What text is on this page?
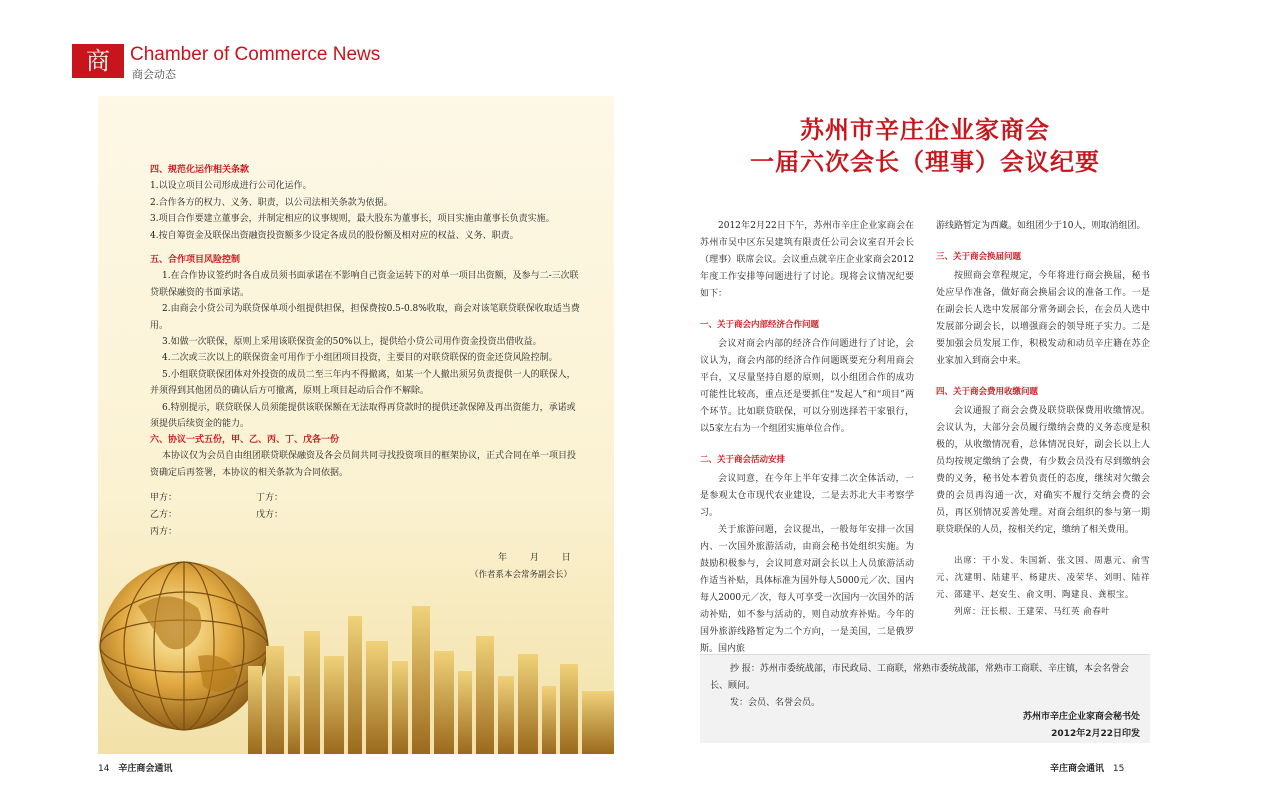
商	Chamber of Commerce News
商会动态
四、规范化运作相关条款

1.以设立项目公司形成进行公司化运作。

2.合作各方的权力、义务、职责，以公司法相关条款为依据。

3.项目合作要建立董事会，并制定相应的议事规则，最大股东为董事长，项目实施由董事长负责实施。

4.按自筹资金及联保出资融资投资额多少设定各成员的股份额及相对应的权益、义务、职责。

五、合作项目风险控制

1.在合作协议签约时各自成员须书面承诺在不影响自己资金运转下的对单一项目出资额，及参与二-三次联贷联保融资的书面承诺。

2.由商会小贷公司为联贷保单项小组提供担保，担保费按0.5-0.8%收取，商会对该笔联贷联保收取适当费用。

3.如做一次联保，原则上采用该联保资金的50%以上，提供给小贷公司用作资金投资出借收益。

4.二次或三次以上的联保资金可用作于小组团项目投资，主要目的对联贷联保的资金还贷风险控制。

5.小组联贷联保团体对外投资的成员二至三年内不得撤离，如某一个人撤出须另负责提供一人的联保人，并须得到其他团员的确认后方可撤离，原则上项目起动后合作不解除。

6.特别提示，联贷联保人员须能提供该联保额在无法取得再贷款时的提供还款保障及再出资能力，承诺或须提供后续资金的能力。

六、协议一式五份，甲、乙、丙、丁、戊各一份

本协议仅为会员自由组团联贷联保融资及各会员间共同寻找投资项目的框架协议，正式合同在单一项目投资确定后再签署，本协议的相关条款为合同依据。

甲方：	丁方：
乙方：	戊方：
丙方：
年 月 日
（作者系本会常务副会长）
苏州市辛庄企业家商会
一届六次会长（理事）会议纪要

2012年2月22日下午，苏州市辛庄企业家商会在苏州市吴中区东吴建筑有限责任公司会议室召开会长（理事）联席会议。会议重点就辛庄企业家商会2012年度工作安排等问题进行了讨论。现将会议情况纪要如下：

一、关于商会内部经济合作问题

会议对商会内部的经济合作问题进行了讨论，会议认为，商会内部的经济合作问题既要充分利用商会平台，又尽量坚持自愿的原则，以小组团合作的成功可能性比较高，重点还是要抓住“发起人”和“项目”两个环节。比如联贷联保，可以分别选择若干家银行，以5家左右为一个组团实施单位合作。

二、关于商会活动安排

会议同意，在今年上半年安排二次全体活动，一是参观太仓市现代农业建设，二是去苏北大丰考察学习。

关于旅游问题，会议提出，一般每年安排一次国内、一次国外旅游活动，由商会秘书处组织实施。为鼓励积极参与，会议同意对副会长以上人员旅游活动作适当补贴，具体标准为国外每人5000元／次、国内每人2000元／次，每人可享受一次国内一次国外的活动补贴，如不参与活动的，则自动放弃补贴。今年的国外旅游线路暂定为二个方向，一是美国，二是俄罗斯。国内旅

游线路暂定为西藏。如组团少于10人，则取消组团。

三、关于商会换届问题

按照商会章程规定，今年将进行商会换届，秘书处应早作准备，做好商会换届会议的准备工作。一是在副会长人选中发展部分常务副会长，在会员人选中发展部分副会长，以增强商会的领导班子实力。二是要加强会员发展工作，积极发动和动员辛庄籍在苏企业家加入到商会中来。

四、关于商会费用收缴问题

会议通报了商会会费及联贷联保费用收缴情况。会议认为，大部分会员履行缴纳会费的义务态度是积极的，从收缴情况看，总体情况良好，副会长以上人员均按规定缴纳了会费，有少数会员没有尽到缴纳会费的义务，秘书处本着负责任的态度，继续对欠缴会费的会员再沟通一次，对确实不履行交纳会费的会员，再区别情况妥善处理。对商会组织的参与第一期联贷联保的人员，按相关约定，缴纳了相关费用。

出席：干小发、朱国新、张文国、周惠元、俞雪元、沈建明、陆建平、杨建庆、凌荣华、刘明、陆祥元、邵建平、赵安生、俞文明、陶建良、龚根宝。

列席：汪长根、王建荣、马红英 俞春叶

抄 报：苏州市委统战部，市民政局、工商联，常熟市委统战部，常熟市工商联、辛庄镇，本会名誉会长、顾问。

发：会员、名誉会员。

苏州市辛庄企业家商会秘书处
2012年2月22日印发
14 辛庄商会通讯	辛庄商会通讯 15
